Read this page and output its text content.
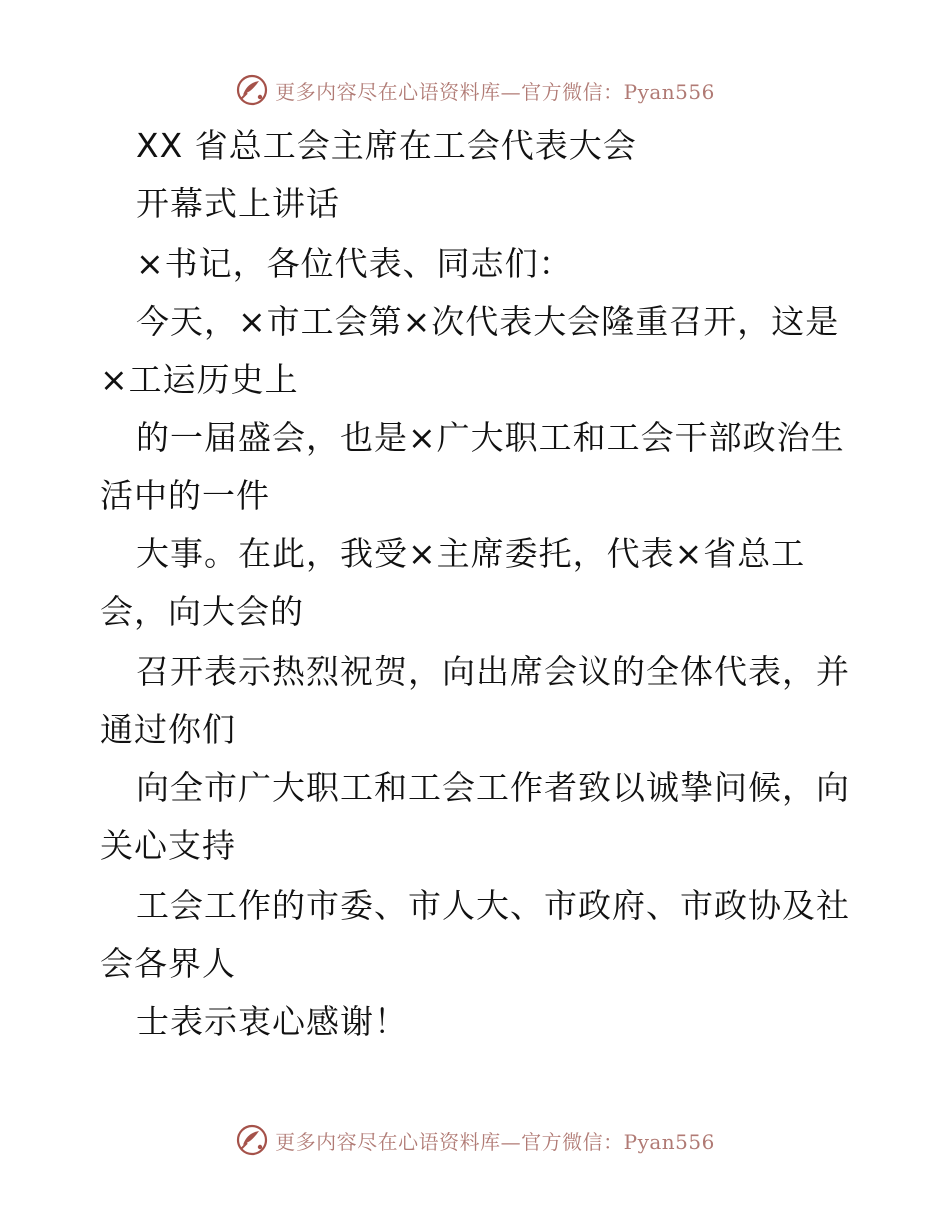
更多内容尽在心语资料库—官方微信：Pyan556
XX 省总工会主席在工会代表大会
开幕式上讲话
×书记，各位代表、同志们：
今天，×市工会第×次代表大会隆重召开，这是
×工运历史上
的一届盛会，也是×广大职工和工会干部政治生
活中的一件
大事。在此，我受×主席委托，代表×省总工
会，向大会的
召开表示热烈祝贺，向出席会议的全体代表，并
通过你们
向全市广大职工和工会工作者致以诚挚问候，向
关心支持
工会工作的市委、市人大、市政府、市政协及社
会各界人
士表示衷心感谢！
更多内容尽在心语资料库—官方微信：Pyan556
